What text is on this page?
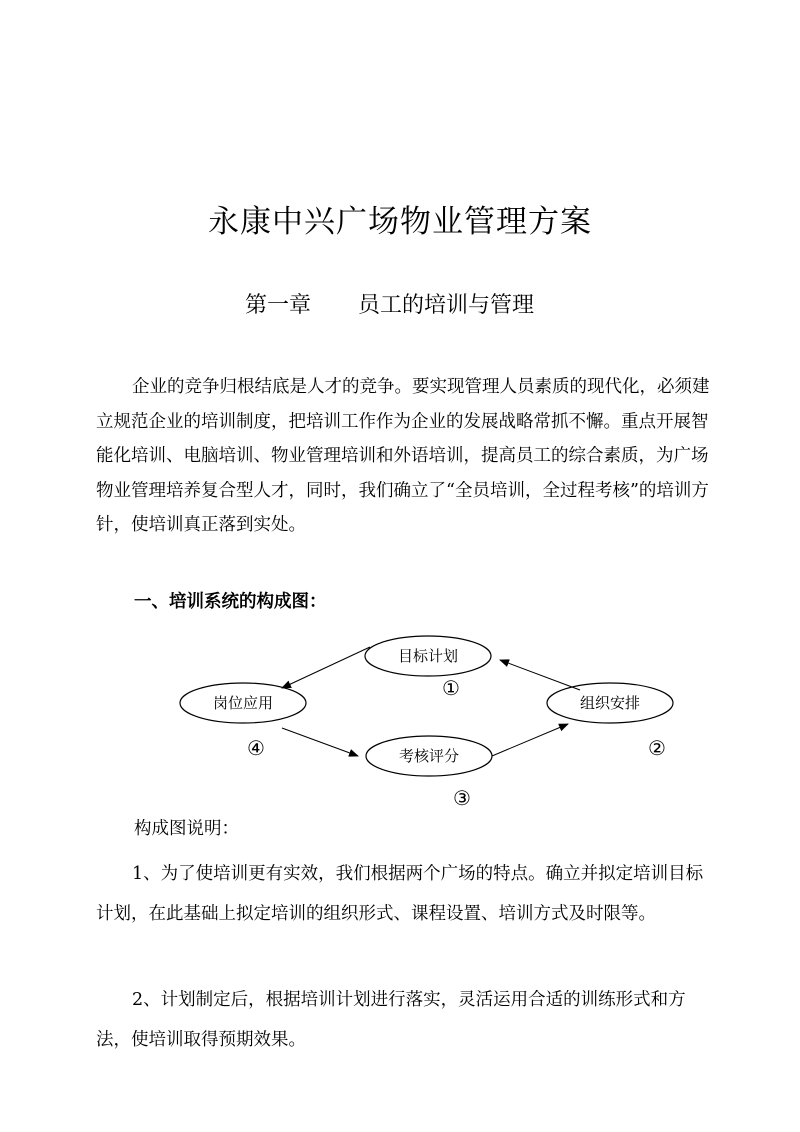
永康中兴广场物业管理方案
第一章 员工的培训与管理
企业的竞争归根结底是人才的竞争。要实现管理人员素质的现代化，必须建立规范企业的培训制度，把培训工作作为企业的发展战略常抓不懈。重点开展智能化培训、电脑培训、物业管理培训和外语培训，提高员工的综合素质，为广场物业管理培养复合型人才，同时，我们确立了“全员培训，全过程考核”的培训方针，使培训真正落到实处。
一、培训系统的构成图：
目标计划
组织安排
考核评分
岗位应用
①
②
③
④
构成图说明：
1、为了使培训更有实效，我们根据两个广场的特点。确立并拟定培训目标计划，在此基础上拟定培训的组织形式、课程设置、培训方式及时限等。
2、计划制定后，根据培训计划进行落实，灵活运用合适的训练形式和方法，使培训取得预期效果。
